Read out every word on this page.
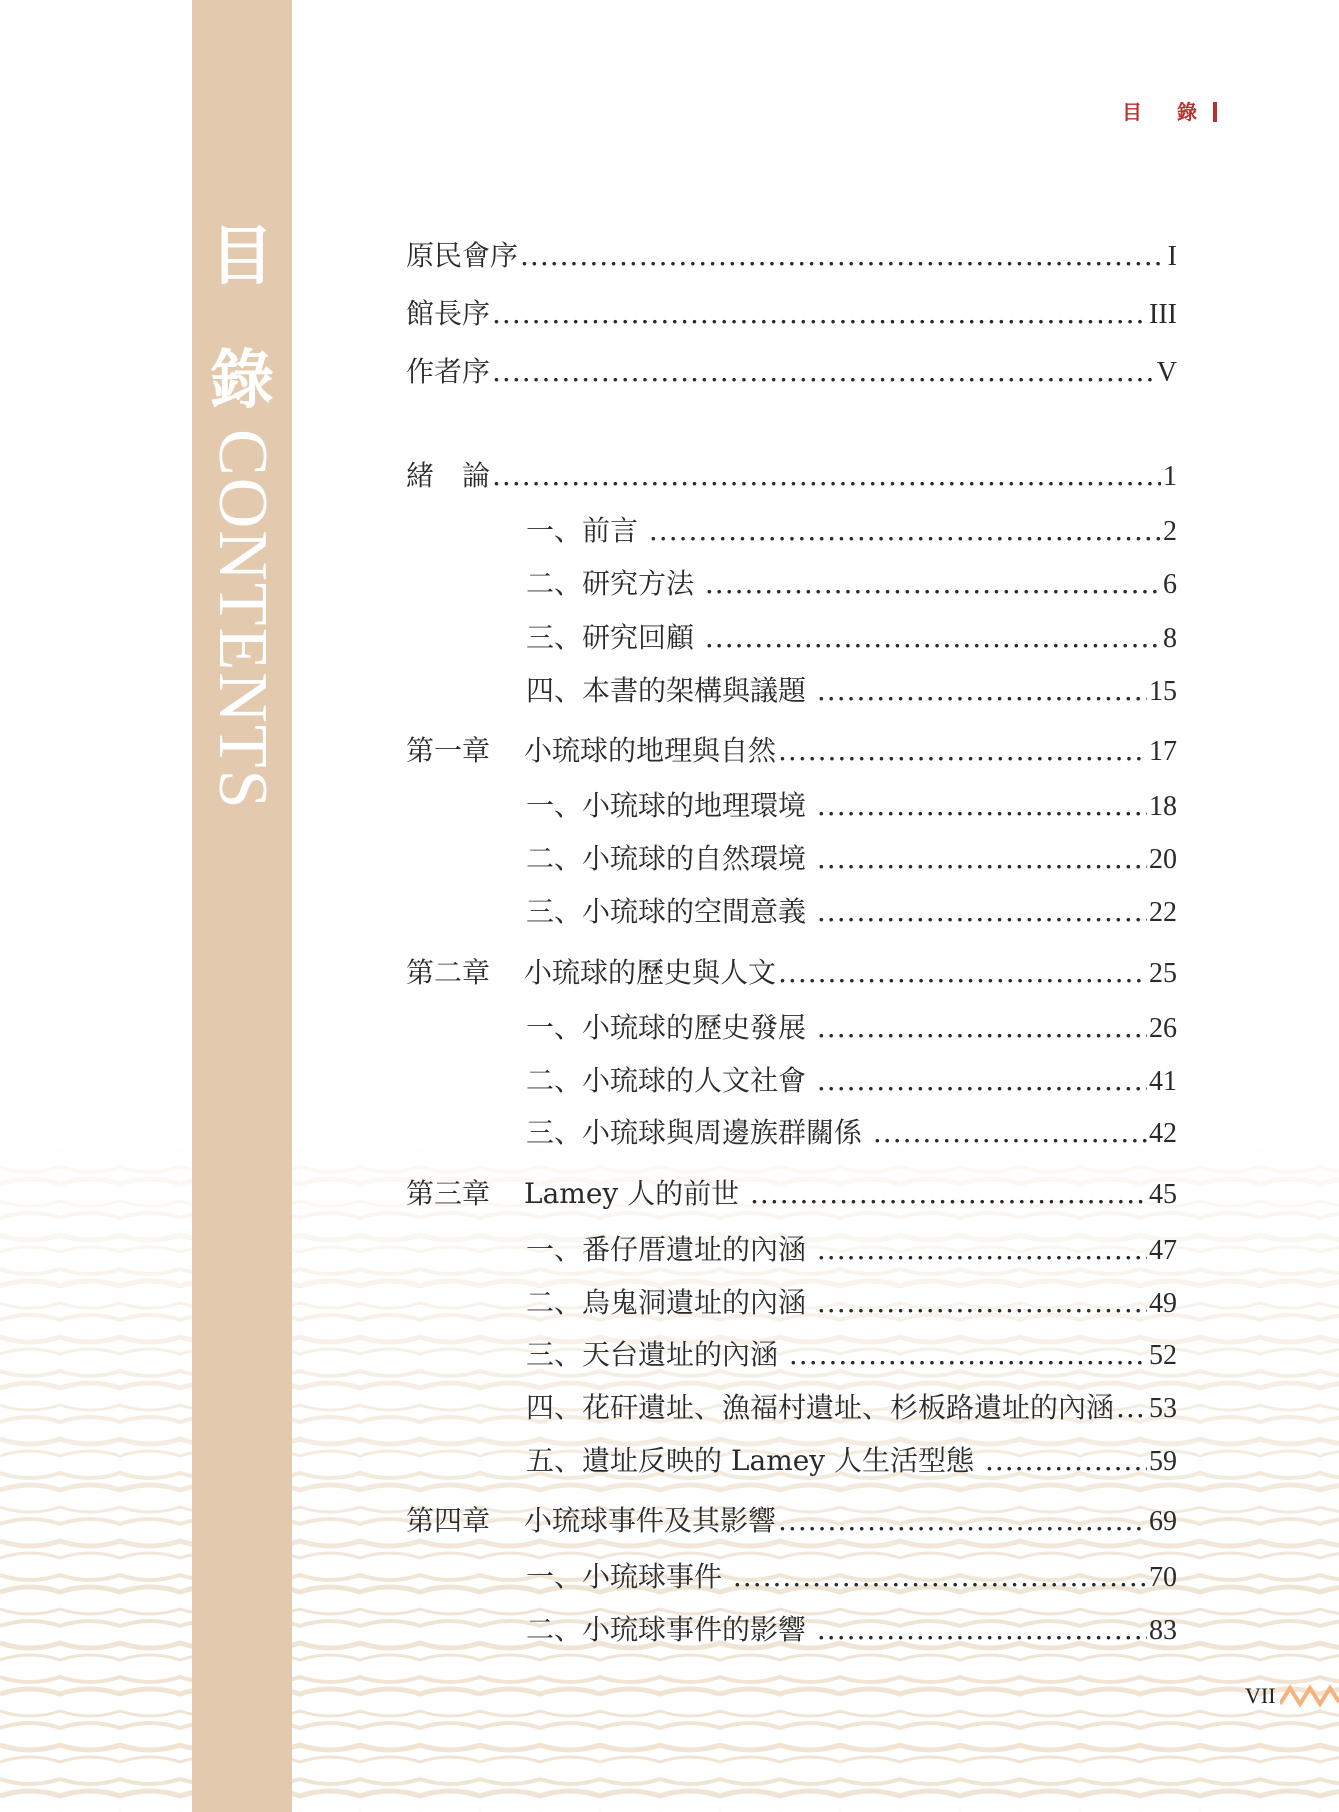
目
錄
CONTENTS
目 錄
原民會序 .....	I
館長序 .....	III
作者序 .....	V
緒　論 .....	1
一、前言 .....	2
二、研究方法 .....	6
三、研究回顧 .....	8
四、本書的架構與議題 .....	15
第一章	小琉球的地理與自然 .....	17
一、小琉球的地理環境 .....	18
二、小琉球的自然環境 .....	20
三、小琉球的空間意義 .....	22
第二章	小琉球的歷史與人文 .....	25
一、小琉球的歷史發展 .....	26
二、小琉球的人文社會 .....	41
三、小琉球與周邊族群關係 .....	42
第三章	Lamey 人的前世 .....	45
一、番仔厝遺址的內涵 .....	47
二、烏鬼洞遺址的內涵 .....	49
三、天台遺址的內涵 .....	52
四、花矸遺址、漁福村遺址、杉板路遺址的內涵 ..... 53
五、遺址反映的 Lamey 人生活型態 .....	59
第四章	小琉球事件及其影響 .....	69
一、小琉球事件 .....	70
二、小琉球事件的影響 .....	83
VII
